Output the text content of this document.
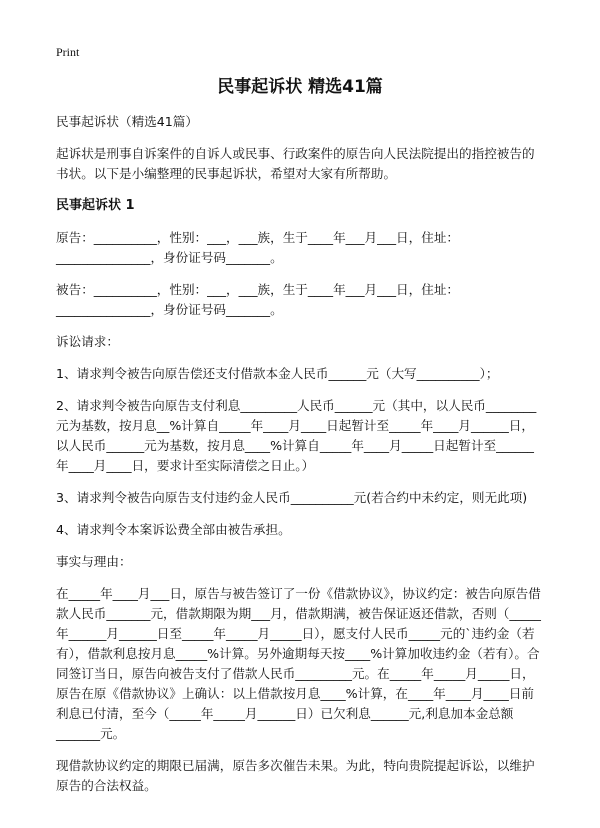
Print
民事起诉状 精选41篇
民事起诉状（精选41篇）
起诉状是刑事自诉案件的自诉人或民事、行政案件的原告向人民法院提出的指控被告的书状。以下是小编整理的民事起诉状，希望对大家有所帮助。
民事起诉状 1
原告：__________，性别：___，___族，生于____年___月___日，住址：_______________，身份证号码_______。
被告：__________，性别：___，___族，生于____年___月___日，住址：_______________，身份证号码_______。
诉讼请求：
1、请求判令被告向原告偿还支付借款本金人民币______元（大写__________）；
2、请求判令被告向原告支付利息_________人民币______元（其中，以人民币________元为基数，按月息__%计算自_____年____月____日起暂计至_____年____月______日，以人民币______元为基数，按月息____%计算自_____年____月_____日起暂计至______年____月____日，要求计至实际清偿之日止。）
3、请求判令被告向原告支付违约金人民币__________元(若合约中未约定，则无此项)
4、请求判令本案诉讼费全部由被告承担。
事实与理由：
在_____年____月___日，原告与被告签订了一份《借款协议》，协议约定：被告向原告借款人民币_______元，借款期限为期___月，借款期满，被告保证返还借款，否则（_____年______月______日至_____年_____月_____日），愿支付人民币_____元的`违约金（若有），借款利息按月息_____%计算。另外逾期每天按____%计算加收违约金（若有）。合同签订当日，原告向被告支付了借款人民币_________元。在_____年_____月_____日，原告在原《借款协议》上确认：以上借款按月息____%计算，在____年____月____日前利息已付清，至今（_____年_____月______日）已欠利息______元,利息加本金总额_______元。
现借款协议约定的期限已届满，原告多次催告未果。为此，特向贵院提起诉讼，以维护原告的合法权益。
